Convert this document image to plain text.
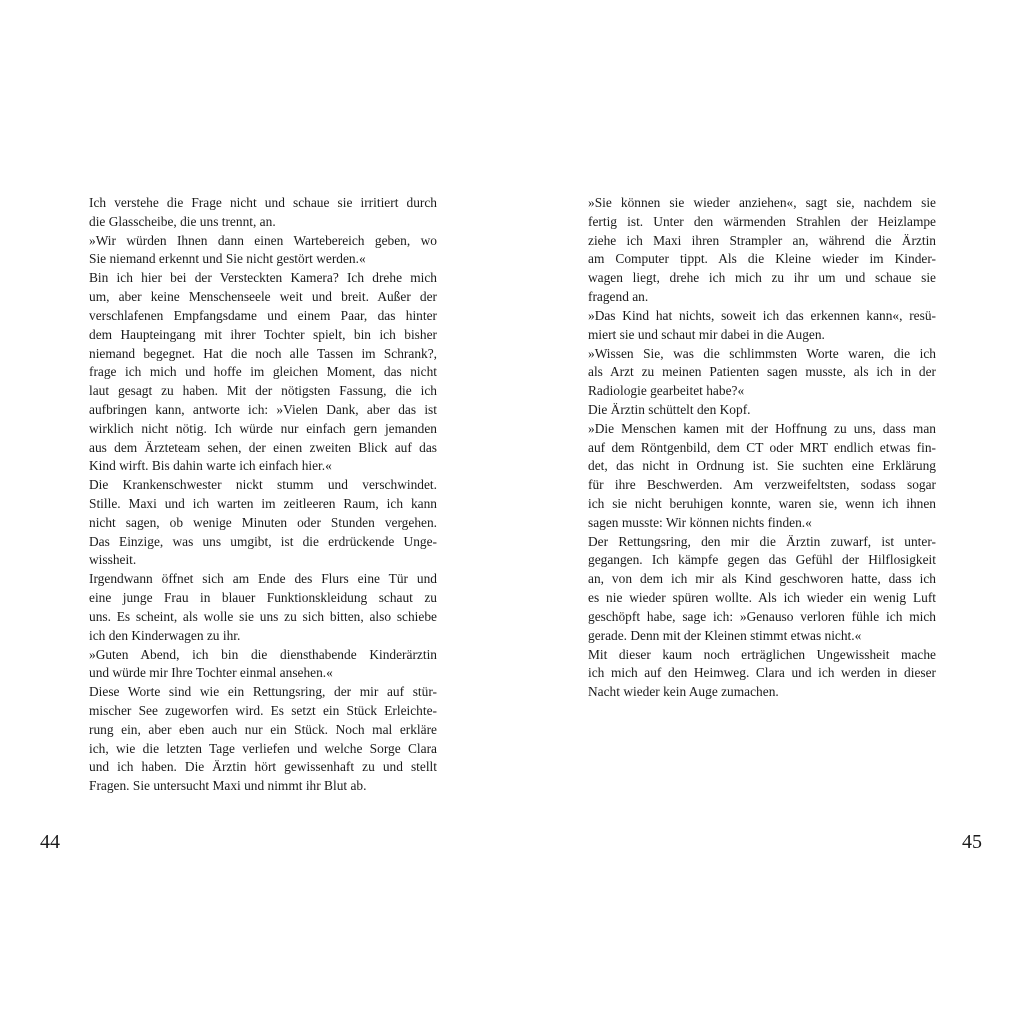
Ich verstehe die Frage nicht und schaue sie irritiert durch
die Glasscheibe, die uns trennt, an.
»Wir würden Ihnen dann einen Wartebereich geben, wo
Sie niemand erkennt und Sie nicht gestört werden.«
Bin ich hier bei der Versteckten Kamera? Ich drehe mich
um, aber keine Menschenseele weit und breit. Außer der
verschlafenen Empfangsdame und einem Paar, das hinter
dem Haupteingang mit ihrer Tochter spielt, bin ich bisher
niemand begegnet. Hat die noch alle Tassen im Schrank?,
frage ich mich und hoffe im gleichen Moment, das nicht
laut gesagt zu haben. Mit der nötigsten Fassung, die ich
aufbringen kann, antworte ich: »Vielen Dank, aber das ist
wirklich nicht nötig. Ich würde nur einfach gern jemanden
aus dem Ärzteteam sehen, der einen zweiten Blick auf das
Kind wirft. Bis dahin warte ich einfach hier.«
Die Krankenschwester nickt stumm und verschwindet.
Stille. Maxi und ich warten im zeitleeren Raum, ich kann
nicht sagen, ob wenige Minuten oder Stunden vergehen.
Das Einzige, was uns umgibt, ist die erdrückende Unge-
wissheit.
Irgendwann öffnet sich am Ende des Flurs eine Tür und
eine junge Frau in blauer Funktionskleidung schaut zu
uns. Es scheint, als wolle sie uns zu sich bitten, also schiebe
ich den Kinderwagen zu ihr.
»Guten Abend, ich bin die diensthabende Kinderärztin
und würde mir Ihre Tochter einmal ansehen.«
Diese Worte sind wie ein Rettungsring, der mir auf stür-
mischer See zugeworfen wird. Es setzt ein Stück Erleichte-
rung ein, aber eben auch nur ein Stück. Noch mal erkläre
ich, wie die letzten Tage verliefen und welche Sorge Clara
und ich haben. Die Ärztin hört gewissenhaft zu und stellt
Fragen. Sie untersucht Maxi und nimmt ihr Blut ab.
44
»Sie können sie wieder anziehen«, sagt sie, nachdem sie
fertig ist. Unter den wärmenden Strahlen der Heizlampe
ziehe ich Maxi ihren Strampler an, während die Ärztin
am Computer tippt. Als die Kleine wieder im Kinder-
wagen liegt, drehe ich mich zu ihr um und schaue sie
fragend an.
»Das Kind hat nichts, soweit ich das erkennen kann«, resü-
miert sie und schaut mir dabei in die Augen.
»Wissen Sie, was die schlimmsten Worte waren, die ich
als Arzt zu meinen Patienten sagen musste, als ich in der
Radiologie gearbeitet habe?«
Die Ärztin schüttelt den Kopf.
»Die Menschen kamen mit der Hoffnung zu uns, dass man
auf dem Röntgenbild, dem CT oder MRT endlich etwas fin-
det, das nicht in Ordnung ist. Sie suchten eine Erklärung
für ihre Beschwerden. Am verzweifeltsten, sodass sogar
ich sie nicht beruhigen konnte, waren sie, wenn ich ihnen
sagen musste: Wir können nichts finden.«
Der Rettungsring, den mir die Ärztin zuwarf, ist unter-
gegangen. Ich kämpfe gegen das Gefühl der Hilflosigkeit
an, von dem ich mir als Kind geschworen hatte, dass ich
es nie wieder spüren wollte. Als ich wieder ein wenig Luft
geschöpft habe, sage ich: »Genauso verloren fühle ich mich
gerade. Denn mit der Kleinen stimmt etwas nicht.«
Mit dieser kaum noch erträglichen Ungewissheit mache
ich mich auf den Heimweg. Clara und ich werden in dieser
Nacht wieder kein Auge zumachen.
45
